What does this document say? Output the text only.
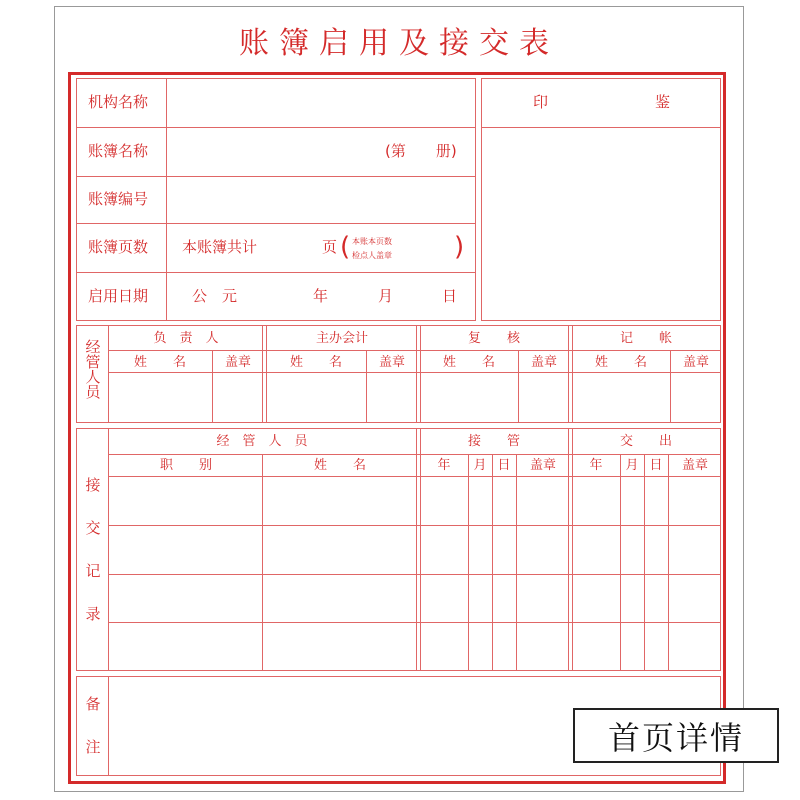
账簿启用及接交表
机构名称
账簿名称	(第　　册)
账簿编号
账簿页数 本账簿共计	页 ( 本账本页数
检点人盖章 )
启用日期	公　元	年	月	日
印	鉴
经
管
人
员
负　责　人	主办会计	复　　核	记　　帐
姓　　名	盖章	姓　　名	盖章	姓　　名	盖章	姓　　名	盖章
接
交
记
录
经　管　人　员	接　　管	交　　出
职　　别	姓　　名	年 月 日 盖章	年 月 日 盖章
备
注	首页详情
